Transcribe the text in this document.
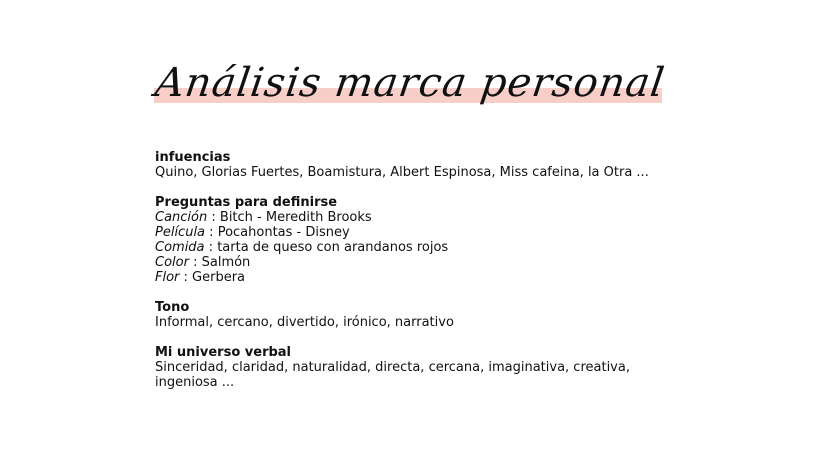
Análisis marca personal
infuencias
Quino, Glorias Fuertes, Boamistura, Albert Espinosa, Miss cafeina, la Otra ...
Preguntas para definirse
Canción : Bitch - Meredith Brooks
Película : Pocahontas - Disney
Comida : tarta de queso con arandanos rojos
Color : Salmón
Flor : Gerbera
Tono
Informal, cercano, divertido, irónico, narrativo
Mi universo verbal
Sinceridad, claridad, naturalidad, directa, cercana, imaginativa, creativa, ingeniosa ...
